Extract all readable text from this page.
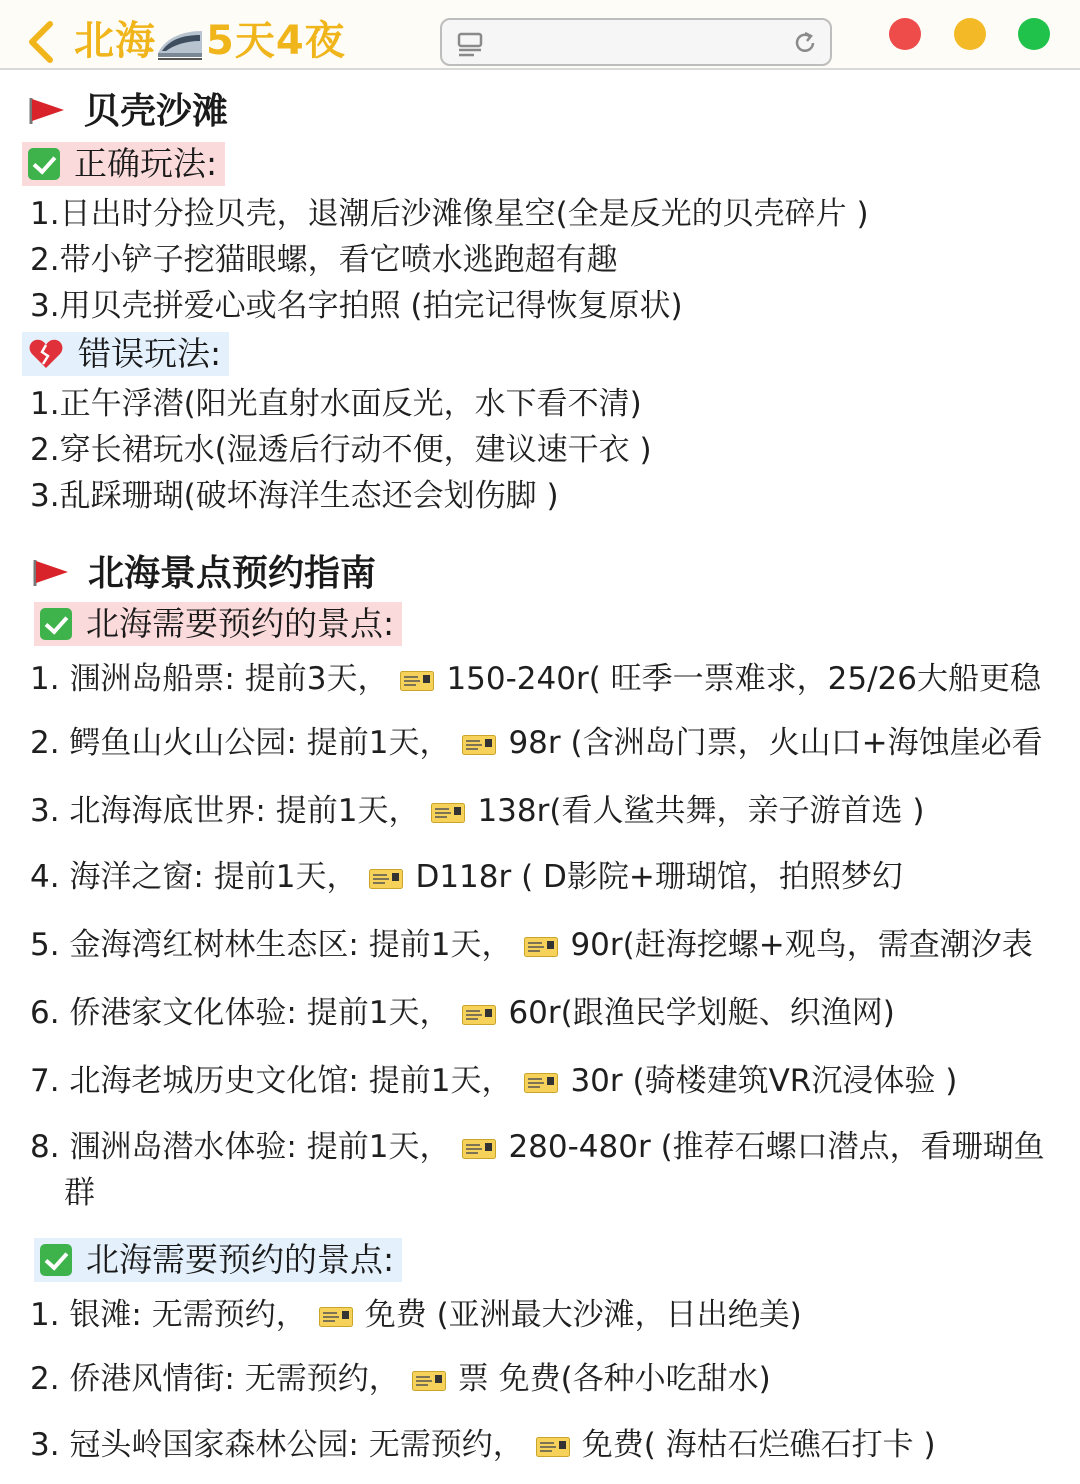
北海 5天4夜
贝壳沙滩
正确玩法:
1.日出时分捡贝壳，退潮后沙滩像星空(全是反光的贝壳碎片 )
2.带小铲子挖猫眼螺，看它喷水逃跑超有趣
3.用贝壳拼爱心或名字拍照 (拍完记得恢复原状)
错误玩法:
1.正午浮潜(阳光直射水面反光，水下看不清)
2.穿长裙玩水(湿透后行动不便，建议速干衣 )
3.乱踩珊瑚(破坏海洋生态还会划伤脚 )
北海景点预约指南
北海需要预约的景点:
1. 涠洲岛船票: 提前3天， 150-240r( 旺季一票难求，25/26大船更稳
2. 鳄鱼山火山公园: 提前1天， 98r (含洲岛门票，火山口+海蚀崖必看
3. 北海海底世界: 提前1天， 138r(看人鲨共舞，亲子游首选 )
4. 海洋之窗: 提前1天， D118r ( D影院+珊瑚馆，拍照梦幻
5. 金海湾红树林生态区: 提前1天， 90r(赶海挖螺+观鸟，需查潮汐表
6. 侨港家文化体验: 提前1天， 60r(跟渔民学划艇、织渔网)
7. 北海老城历史文化馆: 提前1天， 30r (骑楼建筑VR沉浸体验 )
8. 涠洲岛潜水体验: 提前1天， 280-480r (推荐石螺口潜点，看珊瑚鱼
群
北海需要预约的景点:
1. 银滩: 无需预约， 免费 (亚洲最大沙滩，日出绝美)
2. 侨港风情街: 无需预约， 票 免费(各种小吃甜水)
3. 冠头岭国家森林公园: 无需预约， 免费( 海枯石烂礁石打卡 )
